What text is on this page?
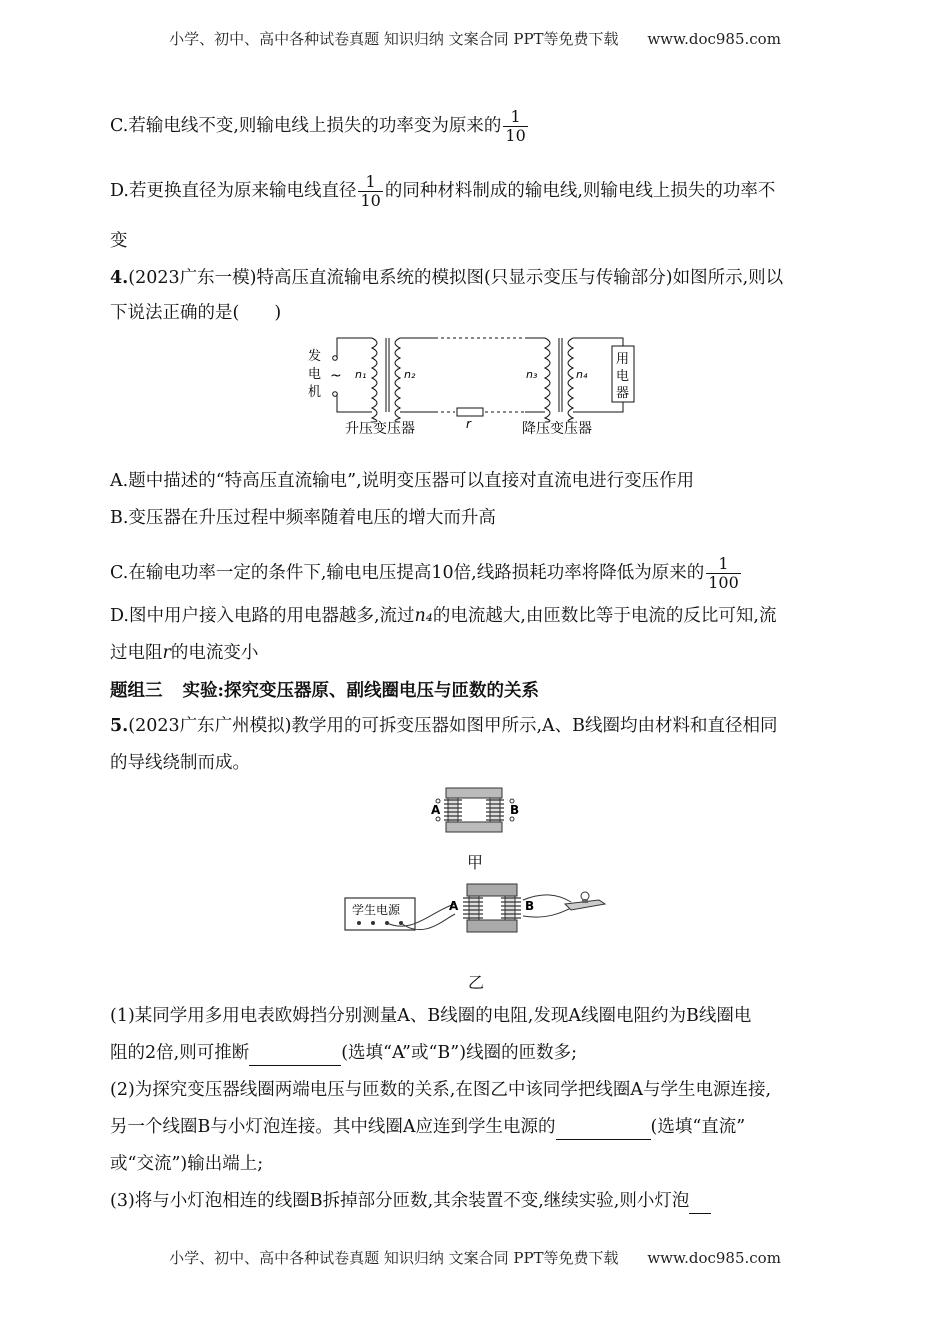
小学、初中、高中各种试卷真题 知识归纳 文案合同 PPT等免费下载 www.doc985.com
C.若输电线不变,则输电线上损失的功率变为原来的 $\frac{1}{10}$
D.若更换直径为原来输电线直径 $\frac{1}{10}$ 的同种材料制成的输电线,则输电线上损失的功率不
变
4.(2023广东一模)特高压直流输电系统的模拟图(只显示变压与传输部分)如图所示,则以
下说法正确的是(　　)
发
电
机
~ n₁	n₂
r
n₃	n₄
用
电
器
升压变压器	降压变压器
A.题中描述的“特高压直流输电”,说明变压器可以直接对直流电进行变压作用
B.变压器在升压过程中频率随着电压的增大而升高
C.在输电功率一定的条件下,输电电压提高10倍,线路损耗功率将降低为原来的 $\frac{1}{100}$
D.图中用户接入电路的用电器越多,流过n₄的电流越大,由匝数比等于电流的反比可知,流
过电阻r的电流变小
题组三 实验:探究变压器原、副线圈电压与匝数的关系
5.(2023广东广州模拟)教学用的可拆变压器如图甲所示,A、B线圈均由材料和直径相同
的导线绕制而成。
A	B
甲
学生电源	A	B
乙
(1)某同学用多用电表欧姆挡分别测量A、B线圈的电阻,发现A线圈电阻约为B线圈电
阻的2倍,则可推断	(选填“A”或“B”)线圈的匝数多;
(2)为探究变压器线圈两端电压与匝数的关系,在图乙中该同学把线圈A与学生电源连接,
另一个线圈B与小灯泡连接。其中线圈A应连到学生电源的	(选填“直流”
或“交流”)输出端上;
(3)将与小灯泡相连的线圈B拆掉部分匝数,其余装置不变,继续实验,则小灯泡
小学、初中、高中各种试卷真题 知识归纳 文案合同 PPT等免费下载 www.doc985.com
